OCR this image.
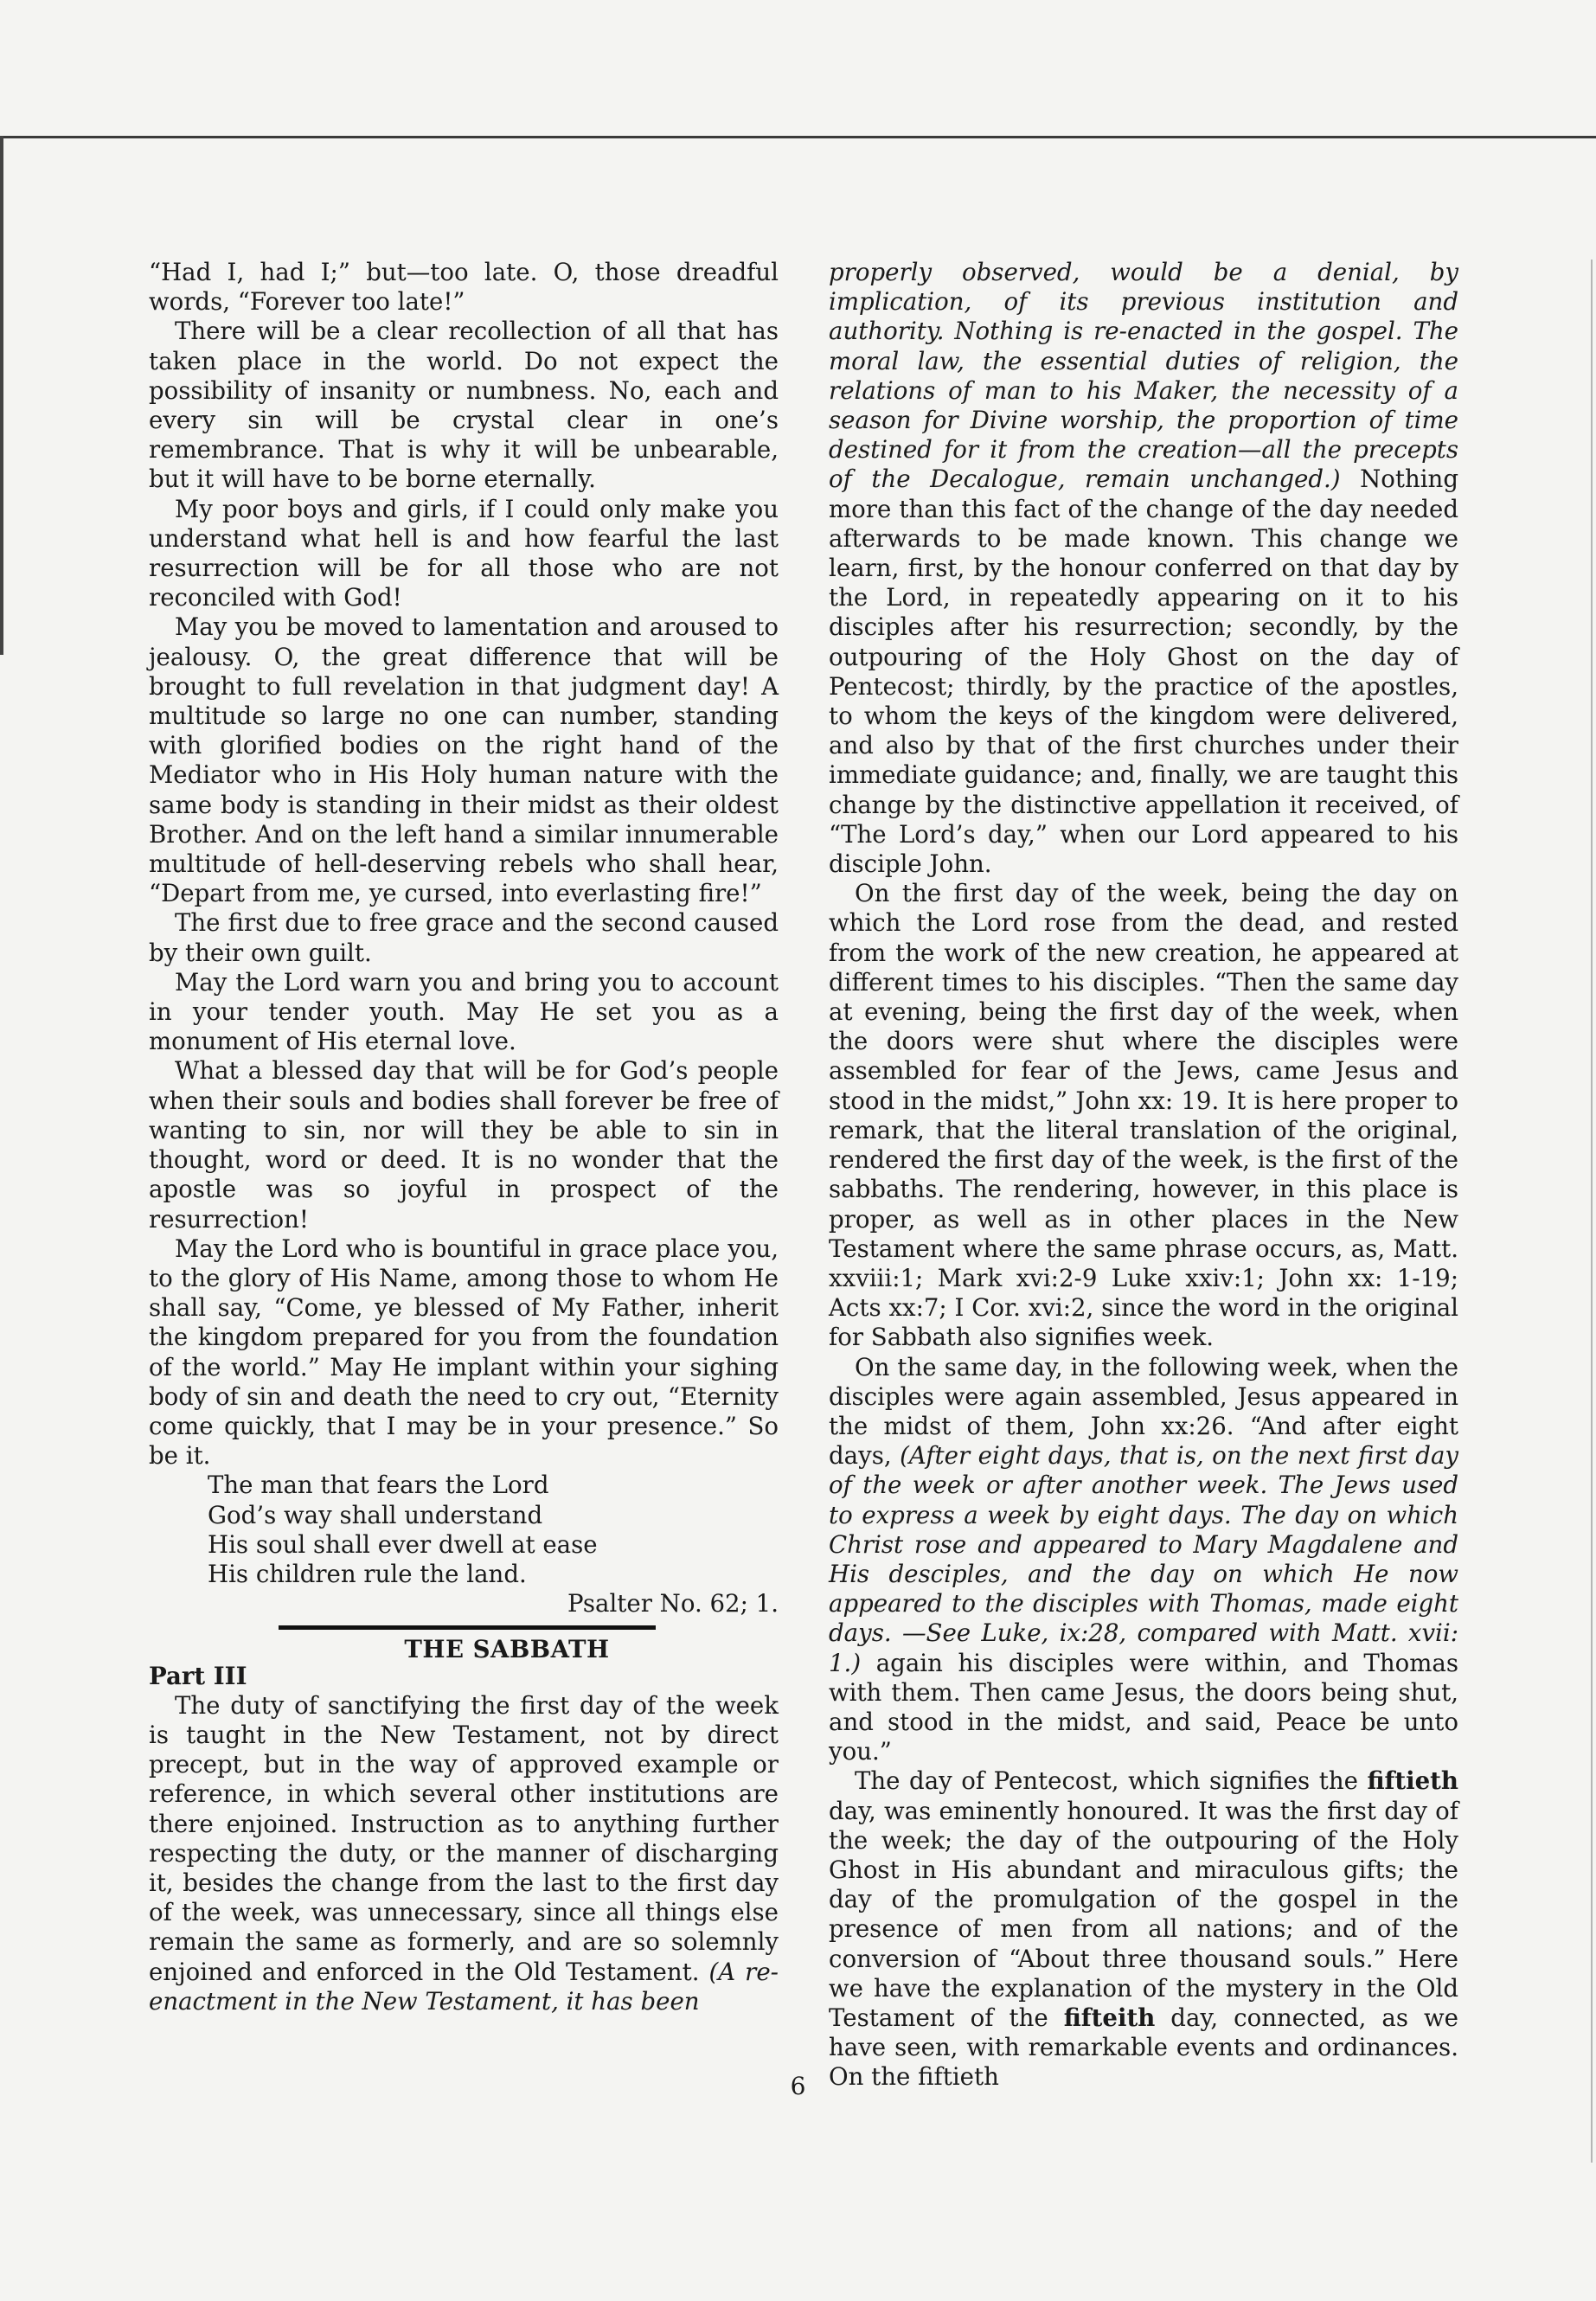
“Had I, had I;” but—too late. O, those dreadful words, “Forever too late!”

There will be a clear recollection of all that has taken place in the world. Do not expect the possibility of insanity or numbness. No, each and every sin will be crystal clear in one’s remembrance. That is why it will be unbearable, but it will have to be borne eternally.

My poor boys and girls, if I could only make you understand what hell is and how fearful the last resurrection will be for all those who are not reconciled with God!

May you be moved to lamentation and aroused to jealousy. O, the great difference that will be brought to full revelation in that judgment day! A multitude so large no one can number, standing with glorified bodies on the right hand of the Mediator who in His Holy human nature with the same body is standing in their midst as their oldest Brother. And on the left hand a similar innumerable multitude of hell-deserving rebels who shall hear, “Depart from me, ye cursed, into everlasting fire!”

The first due to free grace and the second caused by their own guilt.

May the Lord warn you and bring you to account in your tender youth. May He set you as a monument of His eternal love.

What a blessed day that will be for God’s people when their souls and bodies shall forever be free of wanting to sin, nor will they be able to sin in thought, word or deed. It is no wonder that the apostle was so joyful in prospect of the resurrection!

May the Lord who is bountiful in grace place you, to the glory of His Name, among those to whom He shall say, “Come, ye blessed of My Father, inherit the kingdom prepared for you from the foundation of the world.” May He implant within your sighing body of sin and death the need to cry out, “Eternity come quickly, that I may be in your presence.” So be it.

The man that fears the Lord
God’s way shall understand
His soul shall ever dwell at ease
His children rule the land.
Psalter No. 62; 1.
THE SABBATH
Part III

The duty of sanctifying the first day of the week is taught in the New Testament, not by direct precept, but in the way of approved example or reference, in which several other institutions are there enjoined. Instruction as to anything further respecting the duty, or the manner of discharging it, besides the change from the last to the first day of the week, was unnecessary, since all things else remain the same as formerly, and are so solemnly enjoined and enforced in the Old Testament. (A re-enactment in the New Testament, it has been

properly observed, would be a denial, by implication, of its previous institution and authority. Nothing is re-enacted in the gospel. The moral law, the essential duties of religion, the relations of man to his Maker, the necessity of a season for Divine worship, the proportion of time destined for it from the creation—all the precepts of the Decalogue, remain unchanged.) Nothing more than this fact of the change of the day needed afterwards to be made known. This change we learn, first, by the honour conferred on that day by the Lord, in repeatedly appearing on it to his disciples after his resurrection; secondly, by the outpouring of the Holy Ghost on the day of Pentecost; thirdly, by the practice of the apostles, to whom the keys of the kingdom were delivered, and also by that of the first churches under their immediate guidance; and, finally, we are taught this change by the distinctive appellation it received, of “The Lord’s day,” when our Lord appeared to his disciple John.

On the first day of the week, being the day on which the Lord rose from the dead, and rested from the work of the new creation, he appeared at different times to his disciples. “Then the same day at evening, being the first day of the week, when the doors were shut where the disciples were assembled for fear of the Jews, came Jesus and stood in the midst,” John xx: 19. It is here proper to remark, that the literal translation of the original, rendered the first day of the week, is the first of the sabbaths. The rendering, however, in this place is proper, as well as in other places in the New Testament where the same phrase occurs, as, Matt. xxviii:1; Mark xvi:2-9 Luke xxiv:1; John xx: 1-19; Acts xx:7; I Cor. xvi:2, since the word in the original for Sabbath also signifies week.

On the same day, in the following week, when the disciples were again assembled, Jesus appeared in the midst of them, John xx:26. “And after eight days, (After eight days, that is, on the next first day of the week or after another week. The Jews used to express a week by eight days. The day on which Christ rose and appeared to Mary Magdalene and His desciples, and the day on which He now appeared to the disciples with Thomas, made eight days. —See Luke, ix:28, compared with Matt. xvii: 1.) again his disciples were within, and Thomas with them. Then came Jesus, the doors being shut, and stood in the midst, and said, Peace be unto you.”

The day of Pentecost, which signifies the fiftieth day, was eminently honoured. It was the first day of the week; the day of the outpouring of the Holy Ghost in His abundant and miraculous gifts; the day of the promulgation of the gospel in the presence of men from all nations; and of the conversion of “About three thousand souls.” Here we have the explanation of the mystery in the Old Testament of the fifteith day, connected, as we have seen, with remarkable events and ordinances. On the fiftieth

6
